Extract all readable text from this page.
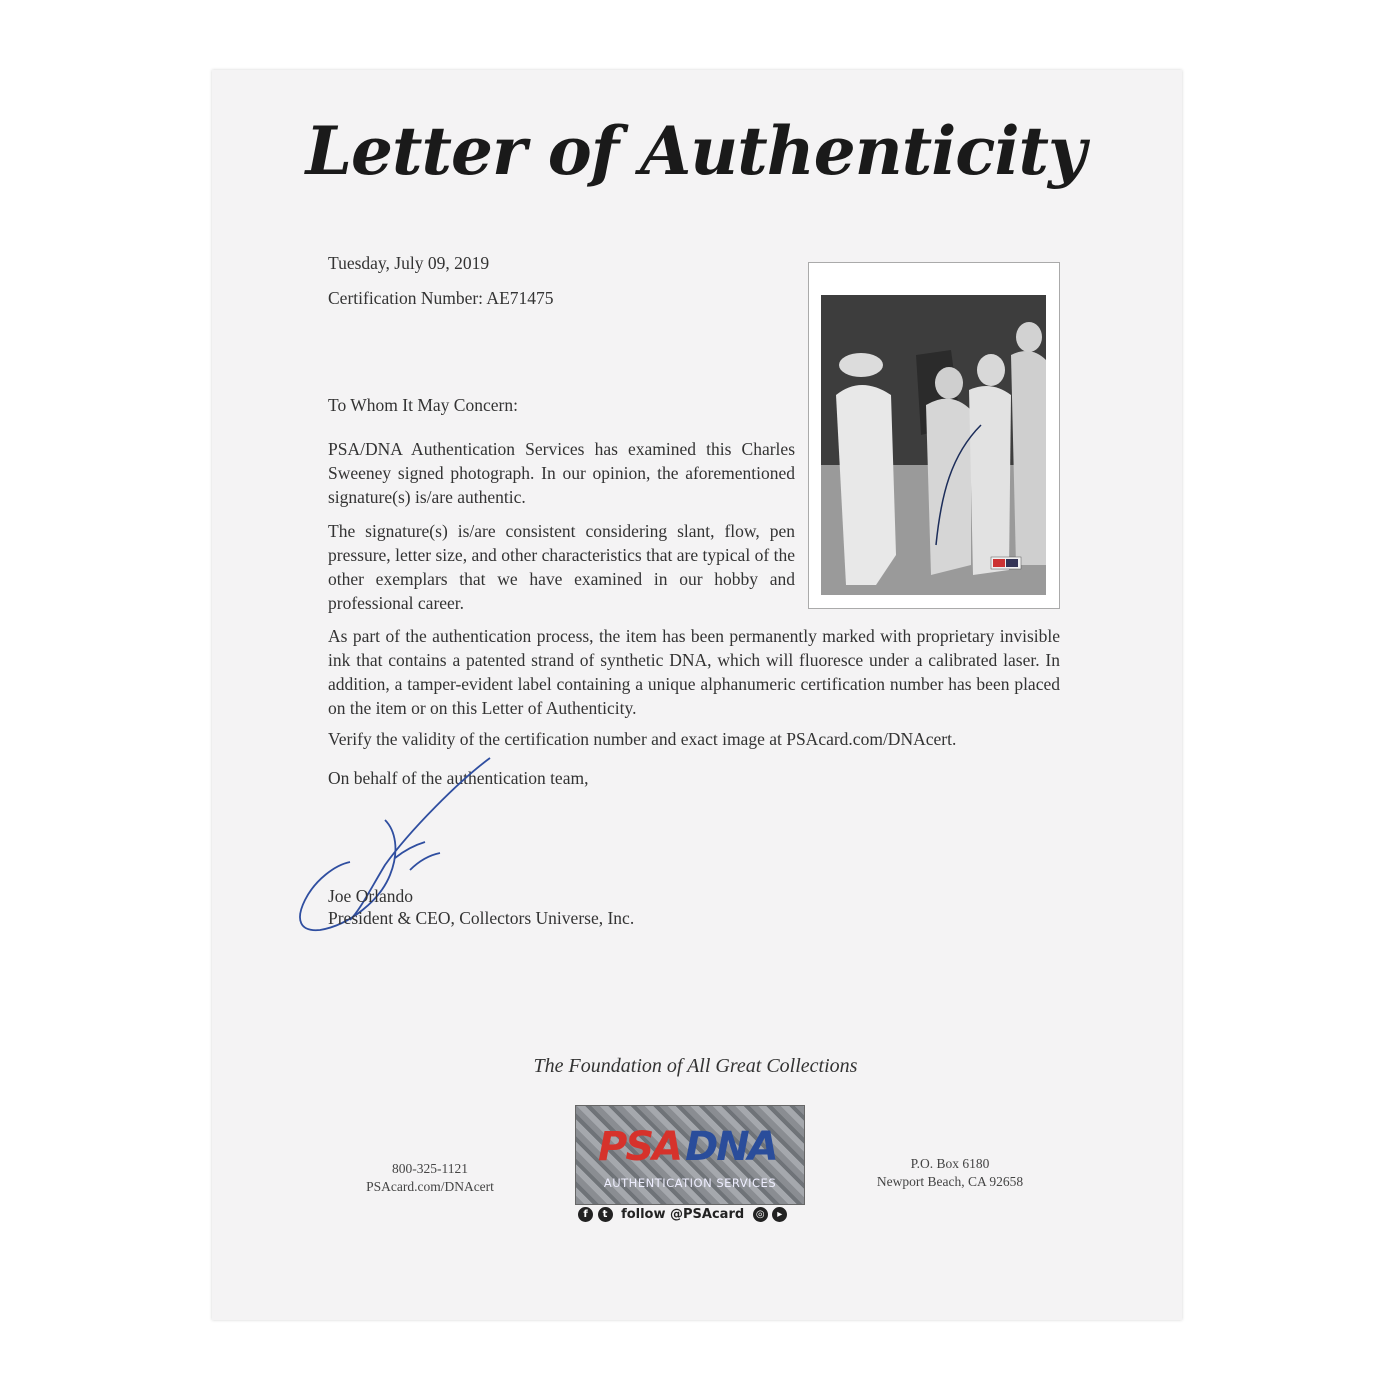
Letter of Authenticity
Tuesday, July 09, 2019
Certification Number: AE71475
To Whom It May Concern:
PSA/DNA Authentication Services has examined this Charles Sweeney signed photograph. In our opinion, the aforementioned signature(s) is/are authentic.
The signature(s) is/are consistent considering slant, flow, pen pressure, letter size, and other characteristics that are typical of the other exemplars that we have examined in our hobby and professional career.
As part of the authentication process, the item has been permanently marked with proprietary invisible ink that contains a patented strand of synthetic DNA, which will fluoresce under a calibrated laser. In addition, a tamper-evident label containing a unique alphanumeric certification number has been placed on the item or on this Letter of Authenticity.
Verify the validity of the certification number and exact image at PSAcard.com/DNAcert.
On behalf of the authentication team,
Joe Orlando
President & CEO, Collectors Universe, Inc.
The Foundation of All Great Collections
800-325-1121
PSAcard.com/DNAcert
PSA DNA
AUTHENTICATION SERVICES
f t follow @PSAcard ◎ ▸
P.O. Box 6180
Newport Beach, CA 92658
